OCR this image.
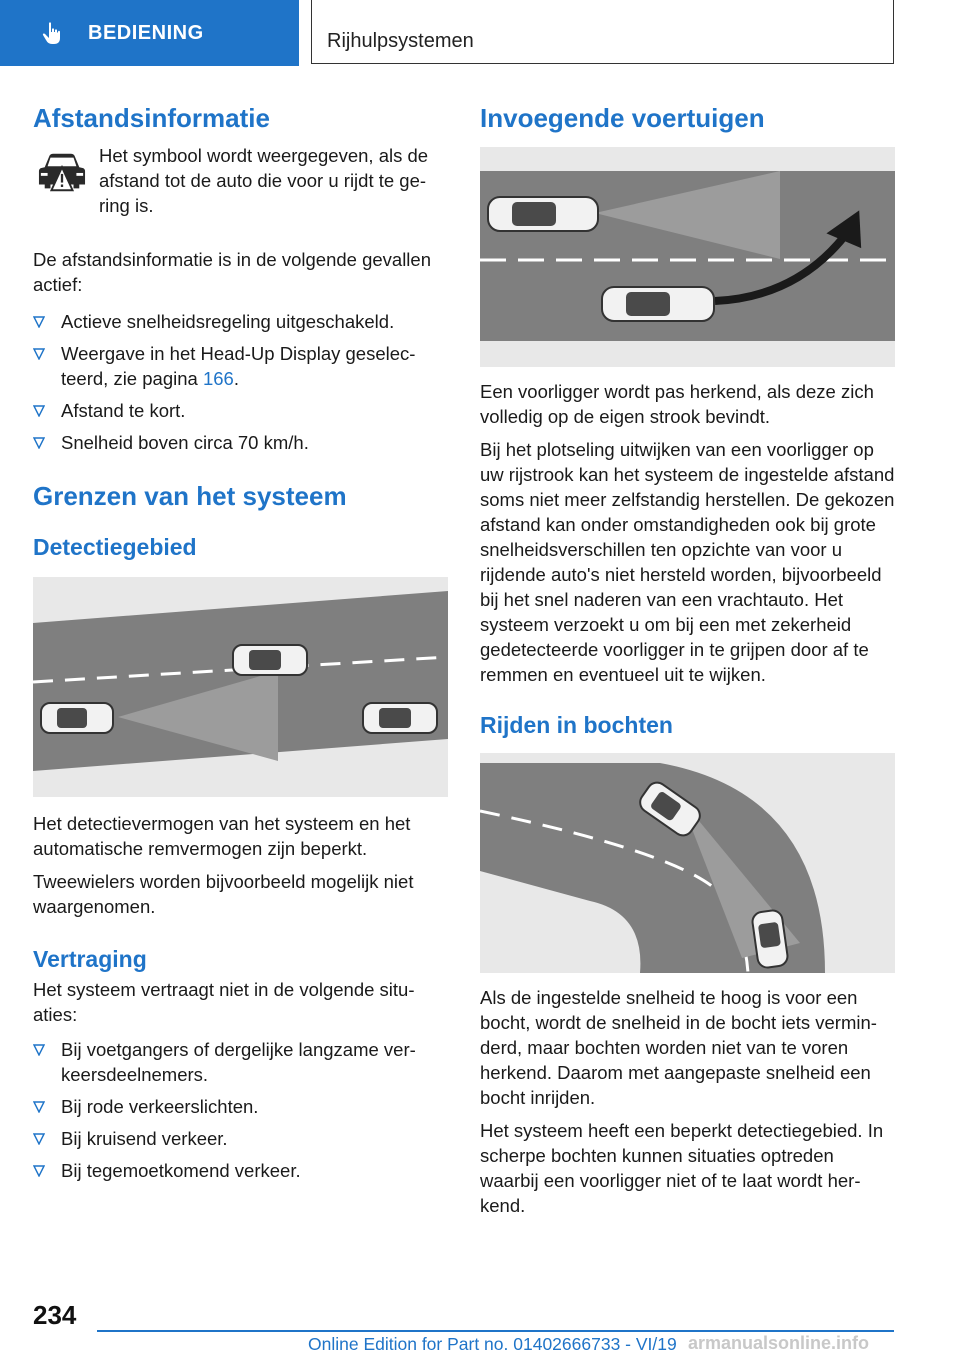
BEDIENING	Rijhulpsystemen
Afstandsinformatie

Het symbool wordt weergegeven, als de afstand tot de auto die voor u rijdt te gering is.

De afstandsinformatie is in de volgende gevallen actief:

Actieve snelheidsregeling uitgeschakeld.
Weergave in het Head-Up Display geselecteerd, zie pagina 166.
Afstand te kort.
Snelheid boven circa 70 km/h.
Grenzen van het systeem
Detectiegebied

Het detectievermogen van het systeem en het automatische remvermogen zijn beperkt.

Tweewielers worden bijvoorbeeld mogelijk niet waargenomen.

Vertraging

Het systeem vertraagt niet in de volgende situaties:

Bij voetgangers of dergelijke langzame verkeersdeelnemers.
Bij rode verkeerslichten.
Bij kruisend verkeer.
Bij tegemoetkomend verkeer.
Invoegende voertuigen

Een voorligger wordt pas herkend, als deze zich volledig op de eigen strook bevindt.

Bij het plotseling uitwijken van een voorligger op uw rijstrook kan het systeem de ingestelde afstand soms niet meer zelfstandig herstellen. De gekozen afstand kan onder omstandigheden ook bij grote snelheidsverschillen ten opzichte van voor u rijdende auto's niet hersteld worden, bijvoorbeeld bij het snel naderen van een vrachtauto. Het systeem verzoekt u om bij een met zekerheid gedetecteerde voorligger in te grijpen door af te remmen en eventueel uit te wijken.

Rijden in bochten

Als de ingestelde snelheid te hoog is voor een bocht, wordt de snelheid in de bocht iets verminderd, maar bochten worden niet van te voren herkend. Daarom met aangepaste snelheid een bocht inrijden.

Het systeem heeft een beperkt detectiegebied. In scherpe bochten kunnen situaties optreden waarbij een voorligger niet of te laat wordt herkend.

234
Online Edition for Part no. 01402666733 - VI/19 armanualsonline.info
